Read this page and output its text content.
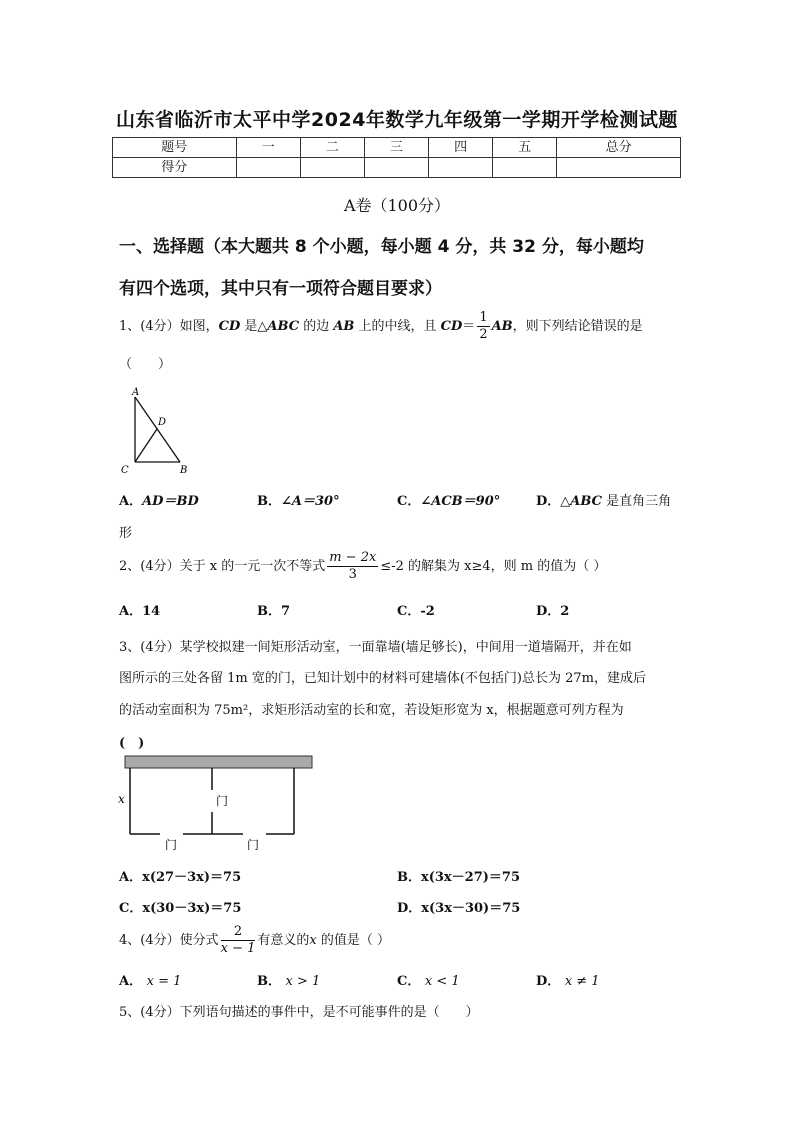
山东省临沂市太平中学2024年数学九年级第一学期开学检测试题
题号	一	二	三	四	五	总分
得分						
A卷（100分）
一、选择题（本大题共 8 个小题，每小题 4 分，共 32 分，每小题均
有四个选项，其中只有一项符合题目要求）
1、(4分）如图，CD 是△ABC 的边 AB 上的中线，且 $CD= \frac{1}{2}$ AB，则下列结论错误的是
（　　）
A
D
C	B
A．AD＝BD	B．∠A＝30°	C．∠ACB＝90°	D．△ABC 是直角三角
形
2、(4分）关于 x 的一元一次不等式 $\frac{m - 2x}{3} \le-2$ 的解集为 x≥4，则 m 的值为（ ）
A．14	B．7	C．-2	D．2
3、(4分）某学校拟建一间矩形活动室，一面靠墙(墙足够长)，中间用一道墙隔开，并在如
图所示的三处各留 1m 宽的门，已知计划中的材料可建墙体(不包括门)总长为 27m，建成后
的活动室面积为 75m²，求矩形活动室的长和宽，若设矩形宽为 x，根据题意可列方程为
(　)
x	门
门	门
A．x(27－3x)＝75	B．x(3x－27)＝75
C．x(30－3x)＝75	D．x(3x－30)＝75
4、(4分）使分式 $\frac{2}{x - 1}$ 有意义的x 的值是（ ）
A． x = 1	B． x > 1	C． x < 1	D． x ≠ 1
5、(4分）下列语句描述的事件中，是不可能事件的是（　　）
